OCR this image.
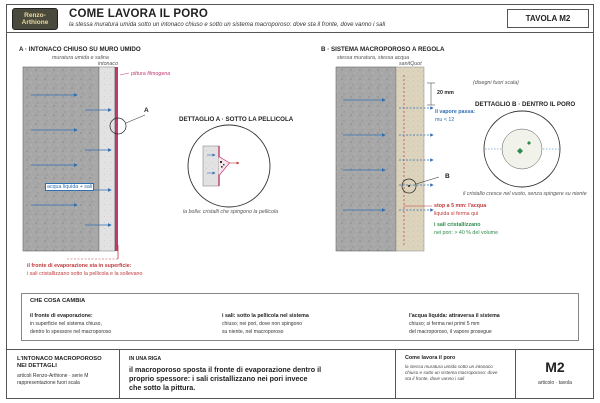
Renzo-Arthione
COME LAVORA IL PORO
la stessa muratura umida sotto un intonaco chiuso e sotto un sistema macroporoso: dove sta il fronte, dove vanno i sali
TAVOLA M2
A · INTONACO CHIUSO SU MURO UMIDO
muratura umida e salina
intonaco
pittura filmogena
A
acqua liquida + sali
il fronte di evaporazione sta in superficie:
i sali cristallizzano sotto la pellicola e la sollevano
DETTAGLIO A · SOTTO LA PELLICOLA
la bolla: cristalli che spingono la pellicola
B · SISTEMA MACROPOROSO A REGOLA
stessa muratura, stessa acqua
sanitQuot
(disegni fuori scala)
20 mm
il vapore passa:
mu < 12
B
stop a 5 mm: l'acqua
liquida si ferma qui
i sali cristallizzano
nei pori: > 40 % del volume
DETTAGLIO B · DENTRO IL PORO
il cristallo cresce nel vuoto, senza spingere su niente
CHE COSA CAMBIA
il fronte di evaporazione:
in superficie nel sistema chiuso,
dentro lo spessore nel macroporoso
i sali: sotto la pellicola nel sistema
chiuso; nei pori, dove non spingono
su niente, nel macroporoso
l'acqua liquida: attraversa il sistema
chiuso; si ferma nei primi 5 mm
del macroporoso, il vapore prosegue
L'INTONACO MACROPOROSO
NEI DETTAGLI
articoli Renzo-Arthione · serie M
rappresentazione fuori scala
IN UNA RIGA
il macroporoso sposta il fronte di evaporazione dentro il
proprio spessore: i sali cristallizzano nei pori invece
che sotto la pittura.
Come lavora il poro
la stessa muratura umida sotto un intonaco
chiuso e sotto un sistema macroporoso: dove
sta il fronte, dove vanno i sali
M2
articolo · tavola
